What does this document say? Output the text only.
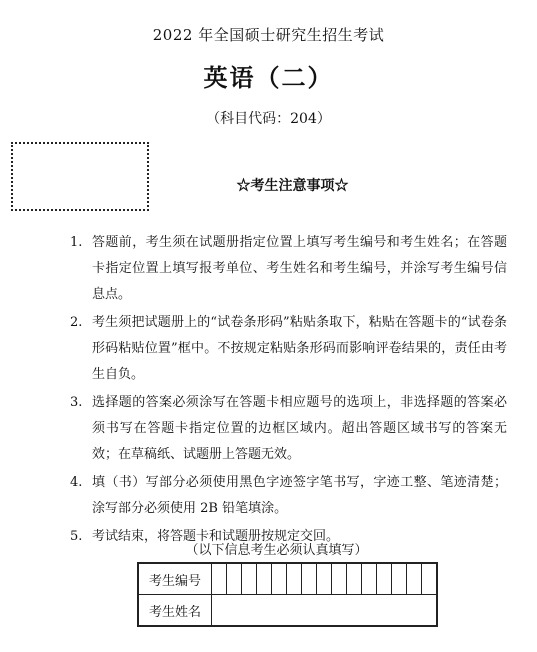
2022 年全国硕士研究生招生考试
英语（二）
（科目代码：204）
☆考生注意事项☆
1. 答题前，考生须在试题册指定位置上填写考生编号和考生姓名；在答题卡指定位置上填写报考单位、考生姓名和考生编号，并涂写考生编号信息点。
2. 考生须把试题册上的“试卷条形码”粘贴条取下，粘贴在答题卡的“试卷条形码粘贴位置”框中。不按规定粘贴条形码而影响评卷结果的，责任由考生自负。
3. 选择题的答案必须涂写在答题卡相应题号的选项上，非选择题的答案必须书写在答题卡指定位置的边框区域内。超出答题区域书写的答案无效；在草稿纸、试题册上答题无效。
4. 填（书）写部分必须使用黑色字迹签字笔书写，字迹工整、笔迹清楚；涂写部分必须使用 2B 铅笔填涂。
5. 考试结束，将答题卡和试题册按规定交回。
（以下信息考生必须认真填写）
考生编号															
考生姓名															
